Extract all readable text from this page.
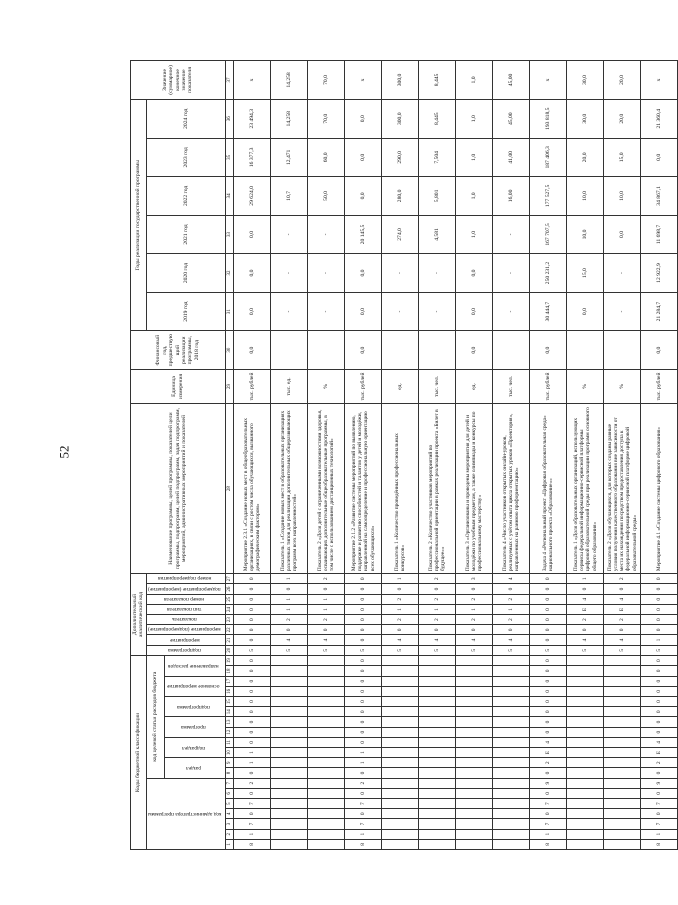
52
Коды бюджетной классификации																			Дополнительный аналитический код								Наименование программы, целей программы, показателей цели программы, подпрограмм, целей подпрограмм, задач подпрограмм, мероприятий, административных мероприятий и показателей	Единица измерения	Финансовый год, предшествующий реализации программы, 2018 год	Годы реализации государственной программы						Значение (суммарное) конечное значение показателя
код администратора программы							код целевой статьи расходов бюджета												подпрограмма	мероприятие	мероприятие (подмероприятие)	показатель	тип показателя	номер показателя	подмероприятие (мероприятие)	номер подмероприятия				2019 год	2020 год	2021 год	2022 год	2023 год	2024 год	
							раздел		подраздел		программа		подпрограмма		основное мероприятие		направление расходов																			
1	2	3	4	5	6	7	8	9	10	11	12	13	14	15	16	17	18	19	20	21	22	23	24	25	26	27	28	29	30	31	32	33	34	35	36	37
8	1	7	0	7	0	2	0	1	1	0	0	0	0	0	0	0	0	0	5	0	0	0	0	0	0	0	Мероприятие 2.3.1 «Создание новых мест в общеобразовательных организациях, в связи с ростом числа обучающихся, вызванного демографическим фактором»	тыс. рублей	0,0	0,0	0,0	0,0	29 624,0	16 377,3	23 494,3	х
																			5	4	0	2	1	1	0	1	Показатель 1 «Создание новых мест в образовательных организациях различных типов для реализации дополнительных общеразвивающих программ всех направленностей»	тыс. ед.		-	-	-	10,7	12,471	14,258	14,258
																			5	4	0	2	1	1	0	2	Показатель 2 «Доля детей с ограниченными возможностями здоровья, осваивающих дополнительные общеобразовательные программы, в том числе с использованием дистанционных технологий»	%		-	-	-	50,0	60,0	70,0	70,0
8	1	7	0	7	0	2	0	1	1	0	0	0	0	0	0	0	0	0	5	0	0	0	0	0	0	0	Мероприятие 2.1.2 «Развитие системы мероприятий по выявлению, поддержке и развитию способностей и талантов у детей и молодёжи, направленной на самоопределение и профессиональную ориентацию всех обучающихся»	тыс. рублей	0,0	0,0	0,0	20 145,5	0,0	0,0	0,0	х
																			5	4	0	2	1	2	0	1	Показатель 1 «Количество проведённых профессиональных конкурсов»	ед.		-	-	274,0	280,0	290,0	300,0	300,0
																			5	4	0	2	1	2	0	2	Показатель 2 «Количество участников мероприятий по профессиональной ориентации в рамках реализации проекта «Билет в будущее»»	тыс. чел.		-	-	4,581	5,801	7,504	8,445	8,445
																			5	4	0	2	1	2	0	3	Показатель 3 «Организованы и проведены мероприятия для детей и молодёжи по учебным предметам, а также олимпиады и конкурсы по профессиональному мастерству»	ед.	0,0	0,0	0,0	1,0	1,0	1,0	1,0	1,0
																			5	4	0	2	1	2	0	4	Показатель 4 «Число участников открытых онлайн-уроков, реализуемых с учётом опыта цикла открытых уроков «Проектория», направленных на раннюю профориентацию»	тыс. чел.		-	-	-	16,00	41,00	45,00	45,00
8	1	7	0	7	0	9	0	2	Е	4	0	0	0	0	0	0	0	0	5	0	0	0	0	0	0	0	Задача 4 «Региональный проект «Цифровая образовательная среда» национального проекта «Образование»»	тыс. рублей	0,0	30 444,7	250 231,2	167 707,5	177 527,5	187 406,3	193 818,5	х
																			5	4	0	2	Е	4	0	1	Показатель 1 «Доля образовательных организаций, использующих сервисы федеральной информационно-сервисной платформы цифровой образовательной среды при реализации программ основного общего образования»	%		0,0	15,0	10,0	10,0	20,0	30,0	30,0
																			5	4	0	2	Е	4	0	2	Показатель 2 «Доля обучающихся, для которых созданы равные условия получения качественного образования вне зависимости от места их нахождения посредством предоставления доступа к федеральной информационно-сервисной платформе цифровой образовательной среды»	%		-	-	0,0	10,0	15,0	20,0	20,0
8	1	7	0	7	0	9	0	2	Е	4	0	0	0	0	0	0	0	0	5	1	0	0	0	0	0	0	Мероприятие 4.1 «Создание системы цифрового образования»	тыс. рублей	0,0	21 284,7	12 922,9	11 698,7	34 867,1	0,0	21 360,4	х
